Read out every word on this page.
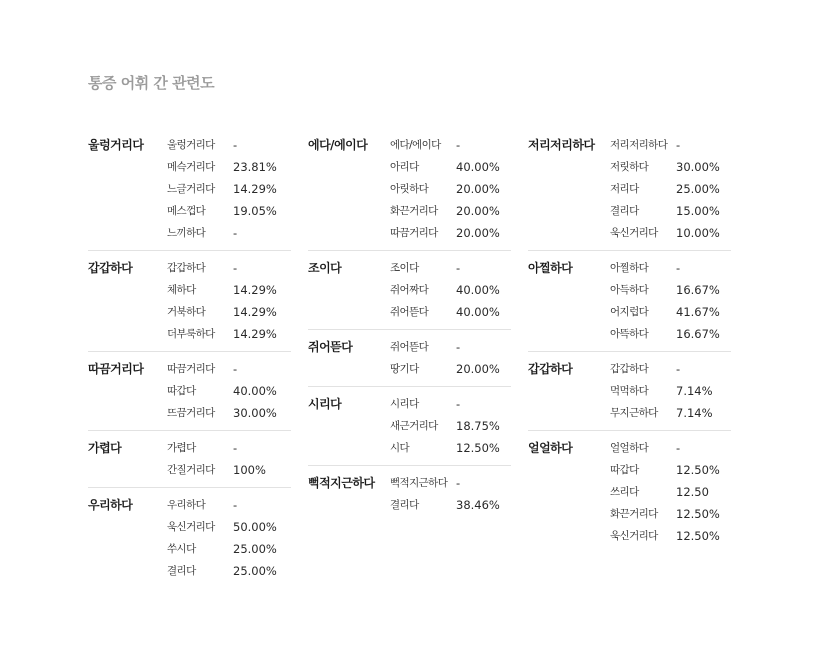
통증 어휘 간 관련도
울렁거리다	울렁거리다	-
메슥거리다	23.81%
느글거리다	14.29%
메스껍다	19.05%
느끼하다	-
갑갑하다	갑갑하다	-
체하다	14.29%
거북하다	14.29%
더부룩하다	14.29%
따끔거리다	따끔거리다	-
따갑다	40.00%
뜨끔거리다	30.00%
가렵다	가렵다	-
간질거리다	100%
우리하다	우리하다	-
욱신거리다	50.00%
쑤시다	25.00%
결리다	25.00%
에다/에이다	에다/에이다	-
아리다	40.00%
아릿하다	20.00%
화끈거리다	20.00%
따끔거리다	20.00%
조이다	조이다	-
쥐어짜다	40.00%
쥐어뜯다	40.00%
쥐어뜯다	쥐어뜯다	-
땅기다	20.00%
시리다	시리다	-
새근거리다	18.75%
시다	12.50%
뻑적지근하다	뻑적지근하다 -
결리다	38.46%
저리저리하다	저리저리하다 -
저릿하다	30.00%
저리다	25.00%
결리다	15.00%
욱신거리다	10.00%
아찔하다	아찔하다	-
아득하다	16.67%
어지럽다	41.67%
아뜩하다	16.67%
갑갑하다	갑갑하다	-
먹먹하다	7.14%
무지근하다	7.14%
얼얼하다	얼얼하다	-
따갑다	12.50%
쓰리다	12.50
화끈거리다	12.50%
욱신거리다	12.50%
